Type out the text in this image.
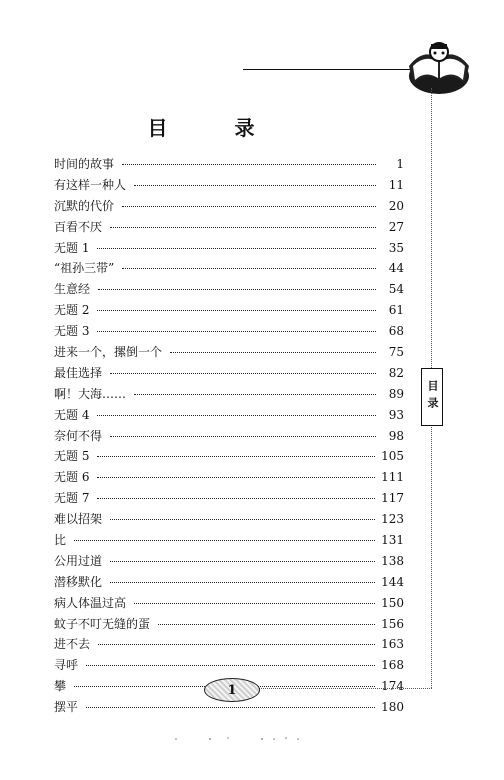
目 录
时间的故事	1
有这样一种人	11
沉默的代价	20
百看不厌	27
无题 1	35
“祖孙三带”	44
生意经	54
无题 2	61
无题 3	68
进来一个，摞倒一个	75
最佳选择	82
啊！大海……	89
无题 4	93
奈何不得	98
无题 5	105
无题 6	111
无题 7	117
难以招架	123
比	131
公用过道	138
潜移默化	144
病人体温过高	150
蚊子不叮无缝的蛋	156
进不去	163
寻呼	168
攀	174
摆平	180
目录
1
